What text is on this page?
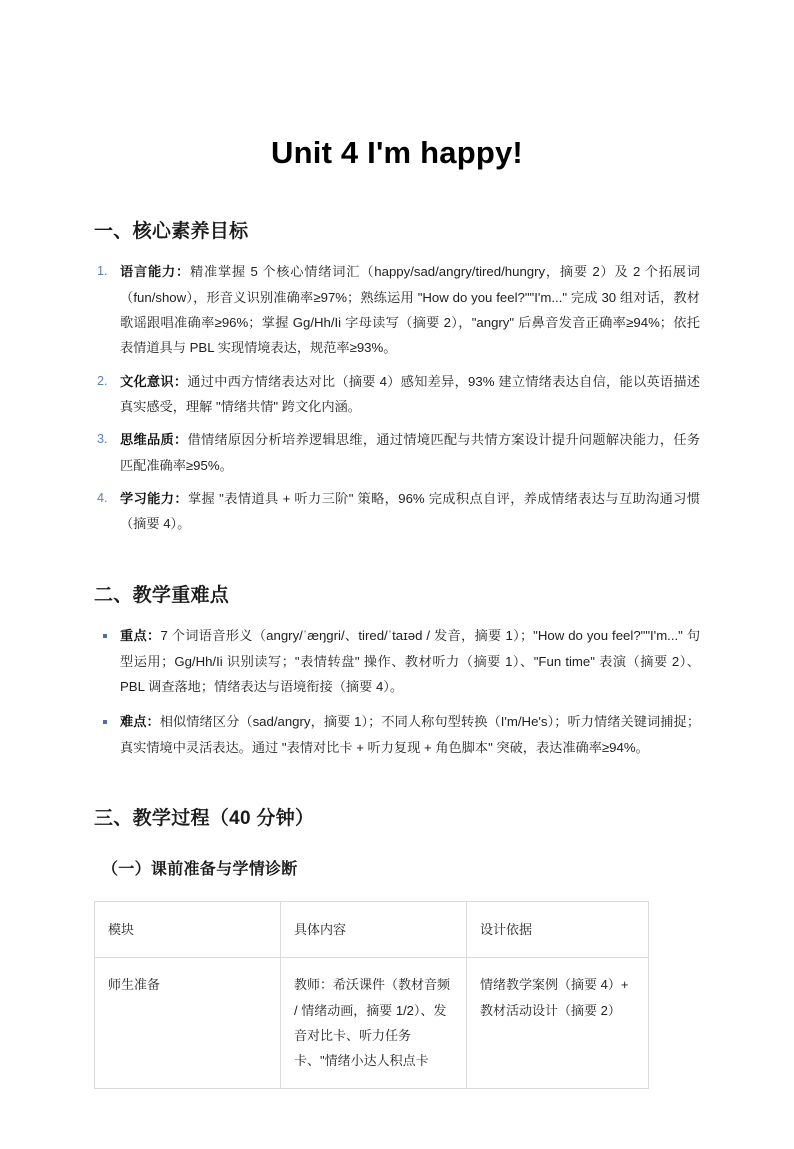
Unit 4 I'm happy!
一、核心素养目标
语言能力：精准掌握 5 个核心情绪词汇（happy/sad/angry/tired/hungry，摘要 2）及 2 个拓展词（fun/show），形音义识别准确率≥97%；熟练运用 "How do you feel?""I'm..." 完成 30 组对话，教材歌谣跟唱准确率≥96%；掌握 Gg/Hh/Ii 字母读写（摘要 2），"angry" 后鼻音发音正确率≥94%；依托表情道具与 PBL 实现情境表达，规范率≥93%。
文化意识：通过中西方情绪表达对比（摘要 4）感知差异，93% 建立情绪表达自信，能以英语描述真实感受，理解 "情绪共情" 跨文化内涵。
思维品质：借情绪原因分析培养逻辑思维，通过情境匹配与共情方案设计提升问题解决能力，任务匹配准确率≥95%。
学习能力：掌握 "表情道具 + 听力三阶" 策略，96% 完成积点自评，养成情绪表达与互助沟通习惯（摘要 4）。
二、教学重难点
重点：7 个词语音形义（angry/ˈæŋgri/、tired/ˈtaɪəd / 发音，摘要 1）；"How do you feel?""I'm..." 句型运用；Gg/Hh/Ii 识别读写；"表情转盘" 操作、教材听力（摘要 1）、"Fun time" 表演（摘要 2）、PBL 调查落地；情绪表达与语境衔接（摘要 4）。
难点：相似情绪区分（sad/angry，摘要 1）；不同人称句型转换（I'm/He's）；听力情绪关键词捕捉；真实情境中灵活表达。通过 "表情对比卡 + 听力复现 + 角色脚本" 突破，表达准确率≥94%。
三、教学过程（40 分钟）
（一）课前准备与学情诊断
模块	具体内容	设计依据
师生准备	教师：希沃课件（教材音频 / 情绪动画，摘要 1/2）、发音对比卡、听力任务卡、"情绪小达人积点卡	情绪教学案例（摘要 4）+ 教材活动设计（摘要 2）
